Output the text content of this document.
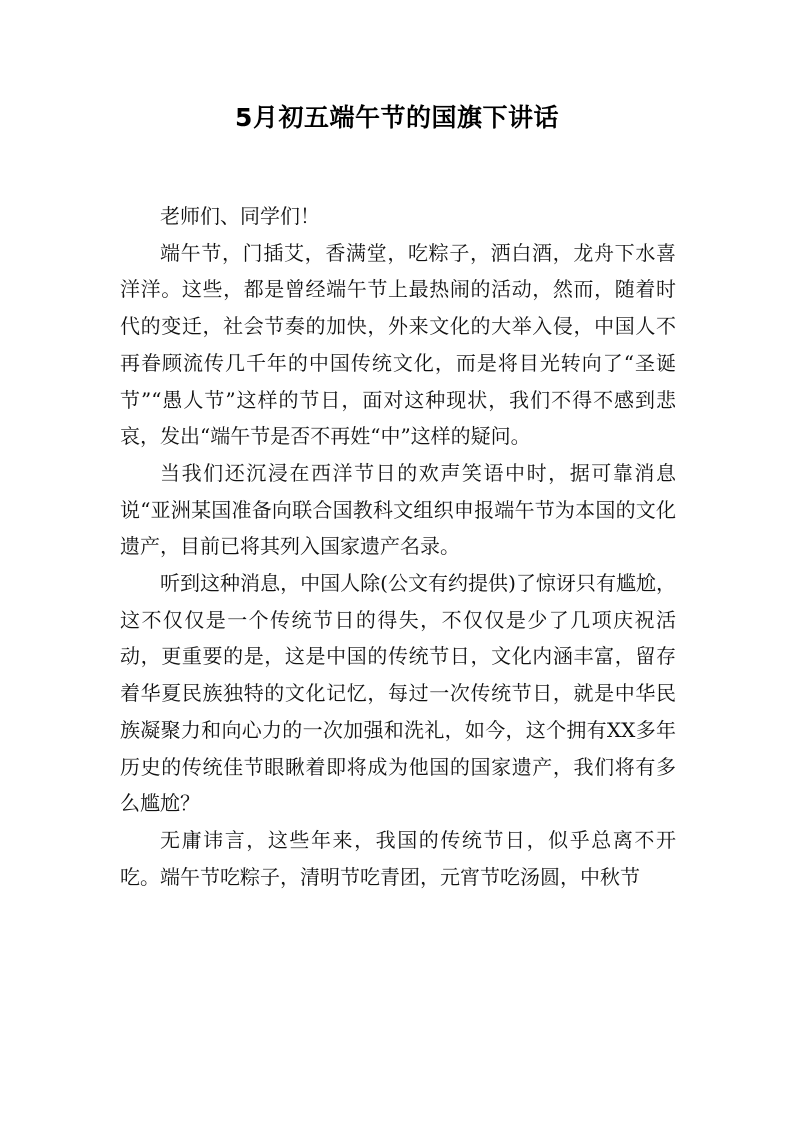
5月初五端午节的国旗下讲话

老师们、同学们！

端午节，门插艾，香满堂，吃粽子，洒白酒，龙舟下水喜洋洋。这些，都是曾经端午节上最热闹的活动，然而，随着时代的变迁，社会节奏的加快，外来文化的大举入侵，中国人不再眷顾流传几千年的中国传统文化，而是将目光转向了“圣诞节”“愚人节”这样的节日，面对这种现状，我们不得不感到悲哀，发出“端午节是否不再姓“中”这样的疑问。

当我们还沉浸在西洋节日的欢声笑语中时，据可靠消息说“亚洲某国准备向联合国教科文组织申报端午节为本国的文化遗产，目前已将其列入国家遗产名录。

听到这种消息，中国人除(公文有约提供)了惊讶只有尴尬，这不仅仅是一个传统节日的得失，不仅仅是少了几项庆祝活动，更重要的是，这是中国的传统节日，文化内涵丰富，留存着华夏民族独特的文化记忆，每过一次传统节日，就是中华民族凝聚力和向心力的一次加强和洗礼，如今，这个拥有XX多年历史的传统佳节眼瞅着即将成为他国的国家遗产，我们将有多么尴尬？

无庸讳言，这些年来，我国的传统节日，似乎总离不开吃。端午节吃粽子，清明节吃青团，元宵节吃汤圆，中秋节
